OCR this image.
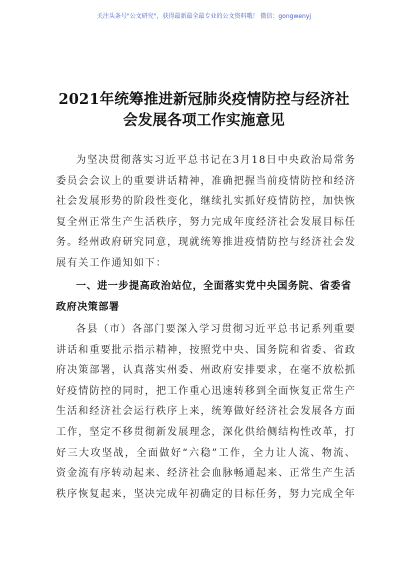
关注头条号"公文研究"，获得最新最全最专业的公文资料哦！ 微信：gongwenyj
2021年统筹推进新冠肺炎疫情防控与经济社
会发展各项工作实施意见
为坚决贯彻落实习近平总书记在3月18日中央政治局常务委员会会议上的重要讲话精神，准确把握当前疫情防控和经济社会发展形势的阶段性变化，继续扎实抓好疫情防控，加快恢复全州正常生产生活秩序，努力完成年度经济社会发展目标任务。经州政府研究同意，现就统筹推进疫情防控与经济社会发展有关工作通知如下：
一、进一步提高政治站位，全面落实党中央国务院、省委省政府决策部署
各县（市）各部门要深入学习贯彻习近平总书记系列重要讲话和重要批示指示精神，按照党中央、国务院和省委、省政府决策部署，认真落实州委、州政府安排要求，在毫不放松抓好疫情防控的同时，把工作重心迅速转移到全面恢复正常生产生活和经济社会运行秩序上来，统筹做好经济社会发展各方面工作，坚定不移贯彻新发展理念，深化供给侧结构性改革，打好三大攻坚战，全面做好“六稳”工作，全力让人流、物流、资金流有序转动起来、经济社会血脉畅通起来、正常生产生活秩序恢复起来，坚决完成年初确定的目标任务，努力完成全年
